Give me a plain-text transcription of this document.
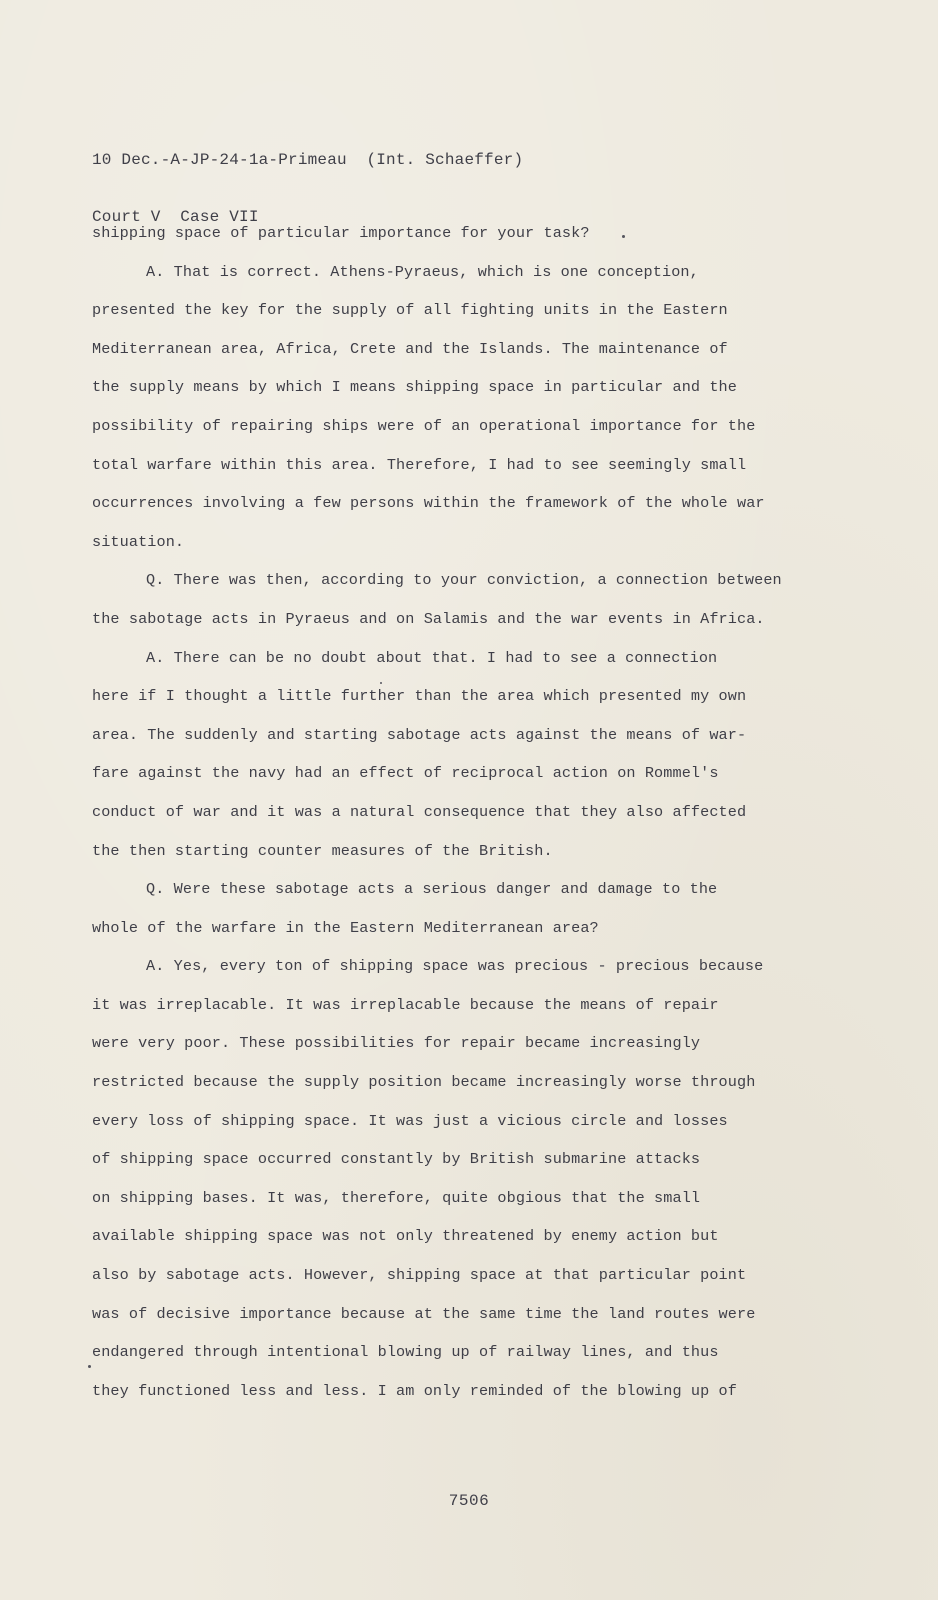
10 Dec.-A-JP-24-1a-Primeau  (Int. Schaeffer)

Court V  Case VII

shipping space of particular importance for your task?
A. That is correct. Athens-Pyraeus, which is one conception,
presented the key for the supply of all fighting units in the Eastern
Mediterranean area, Africa, Crete and the Islands. The maintenance of
the supply means by which I means shipping space in particular and the
possibility of repairing ships were of an operational importance for the
total warfare within this area. Therefore, I had to see seemingly small
occurrences involving a few persons within the framework of the whole war
situation.
Q. There was then, according to your conviction, a connection between
the sabotage acts in Pyraeus and on Salamis and the war events in Africa.
A. There can be no doubt about that. I had to see a connection
here if I thought a little further than the area which presented my own
area. The suddenly and starting sabotage acts against the means of war-
fare against the navy had an effect of reciprocal action on Rommel's
conduct of war and it was a natural consequence that they also affected
the then starting counter measures of the British.
Q. Were these sabotage acts a serious danger and damage to the
whole of the warfare in the Eastern Mediterranean area?
A. Yes, every ton of shipping space was precious - precious because
it was irreplacable. It was irreplacable because the means of repair
were very poor. These possibilities for repair became increasingly
restricted because the supply position became increasingly worse through
every loss of shipping space. It was just a vicious circle and losses
of shipping space occurred constantly by British submarine attacks
on shipping bases. It was, therefore, quite obgious that the small
available shipping space was not only threatened by enemy action but
also by sabotage acts. However, shipping space at that particular point
was of decisive importance because at the same time the land routes were
endangered through intentional blowing up of railway lines, and thus
they functioned less and less. I am only reminded of the blowing up of
7506
